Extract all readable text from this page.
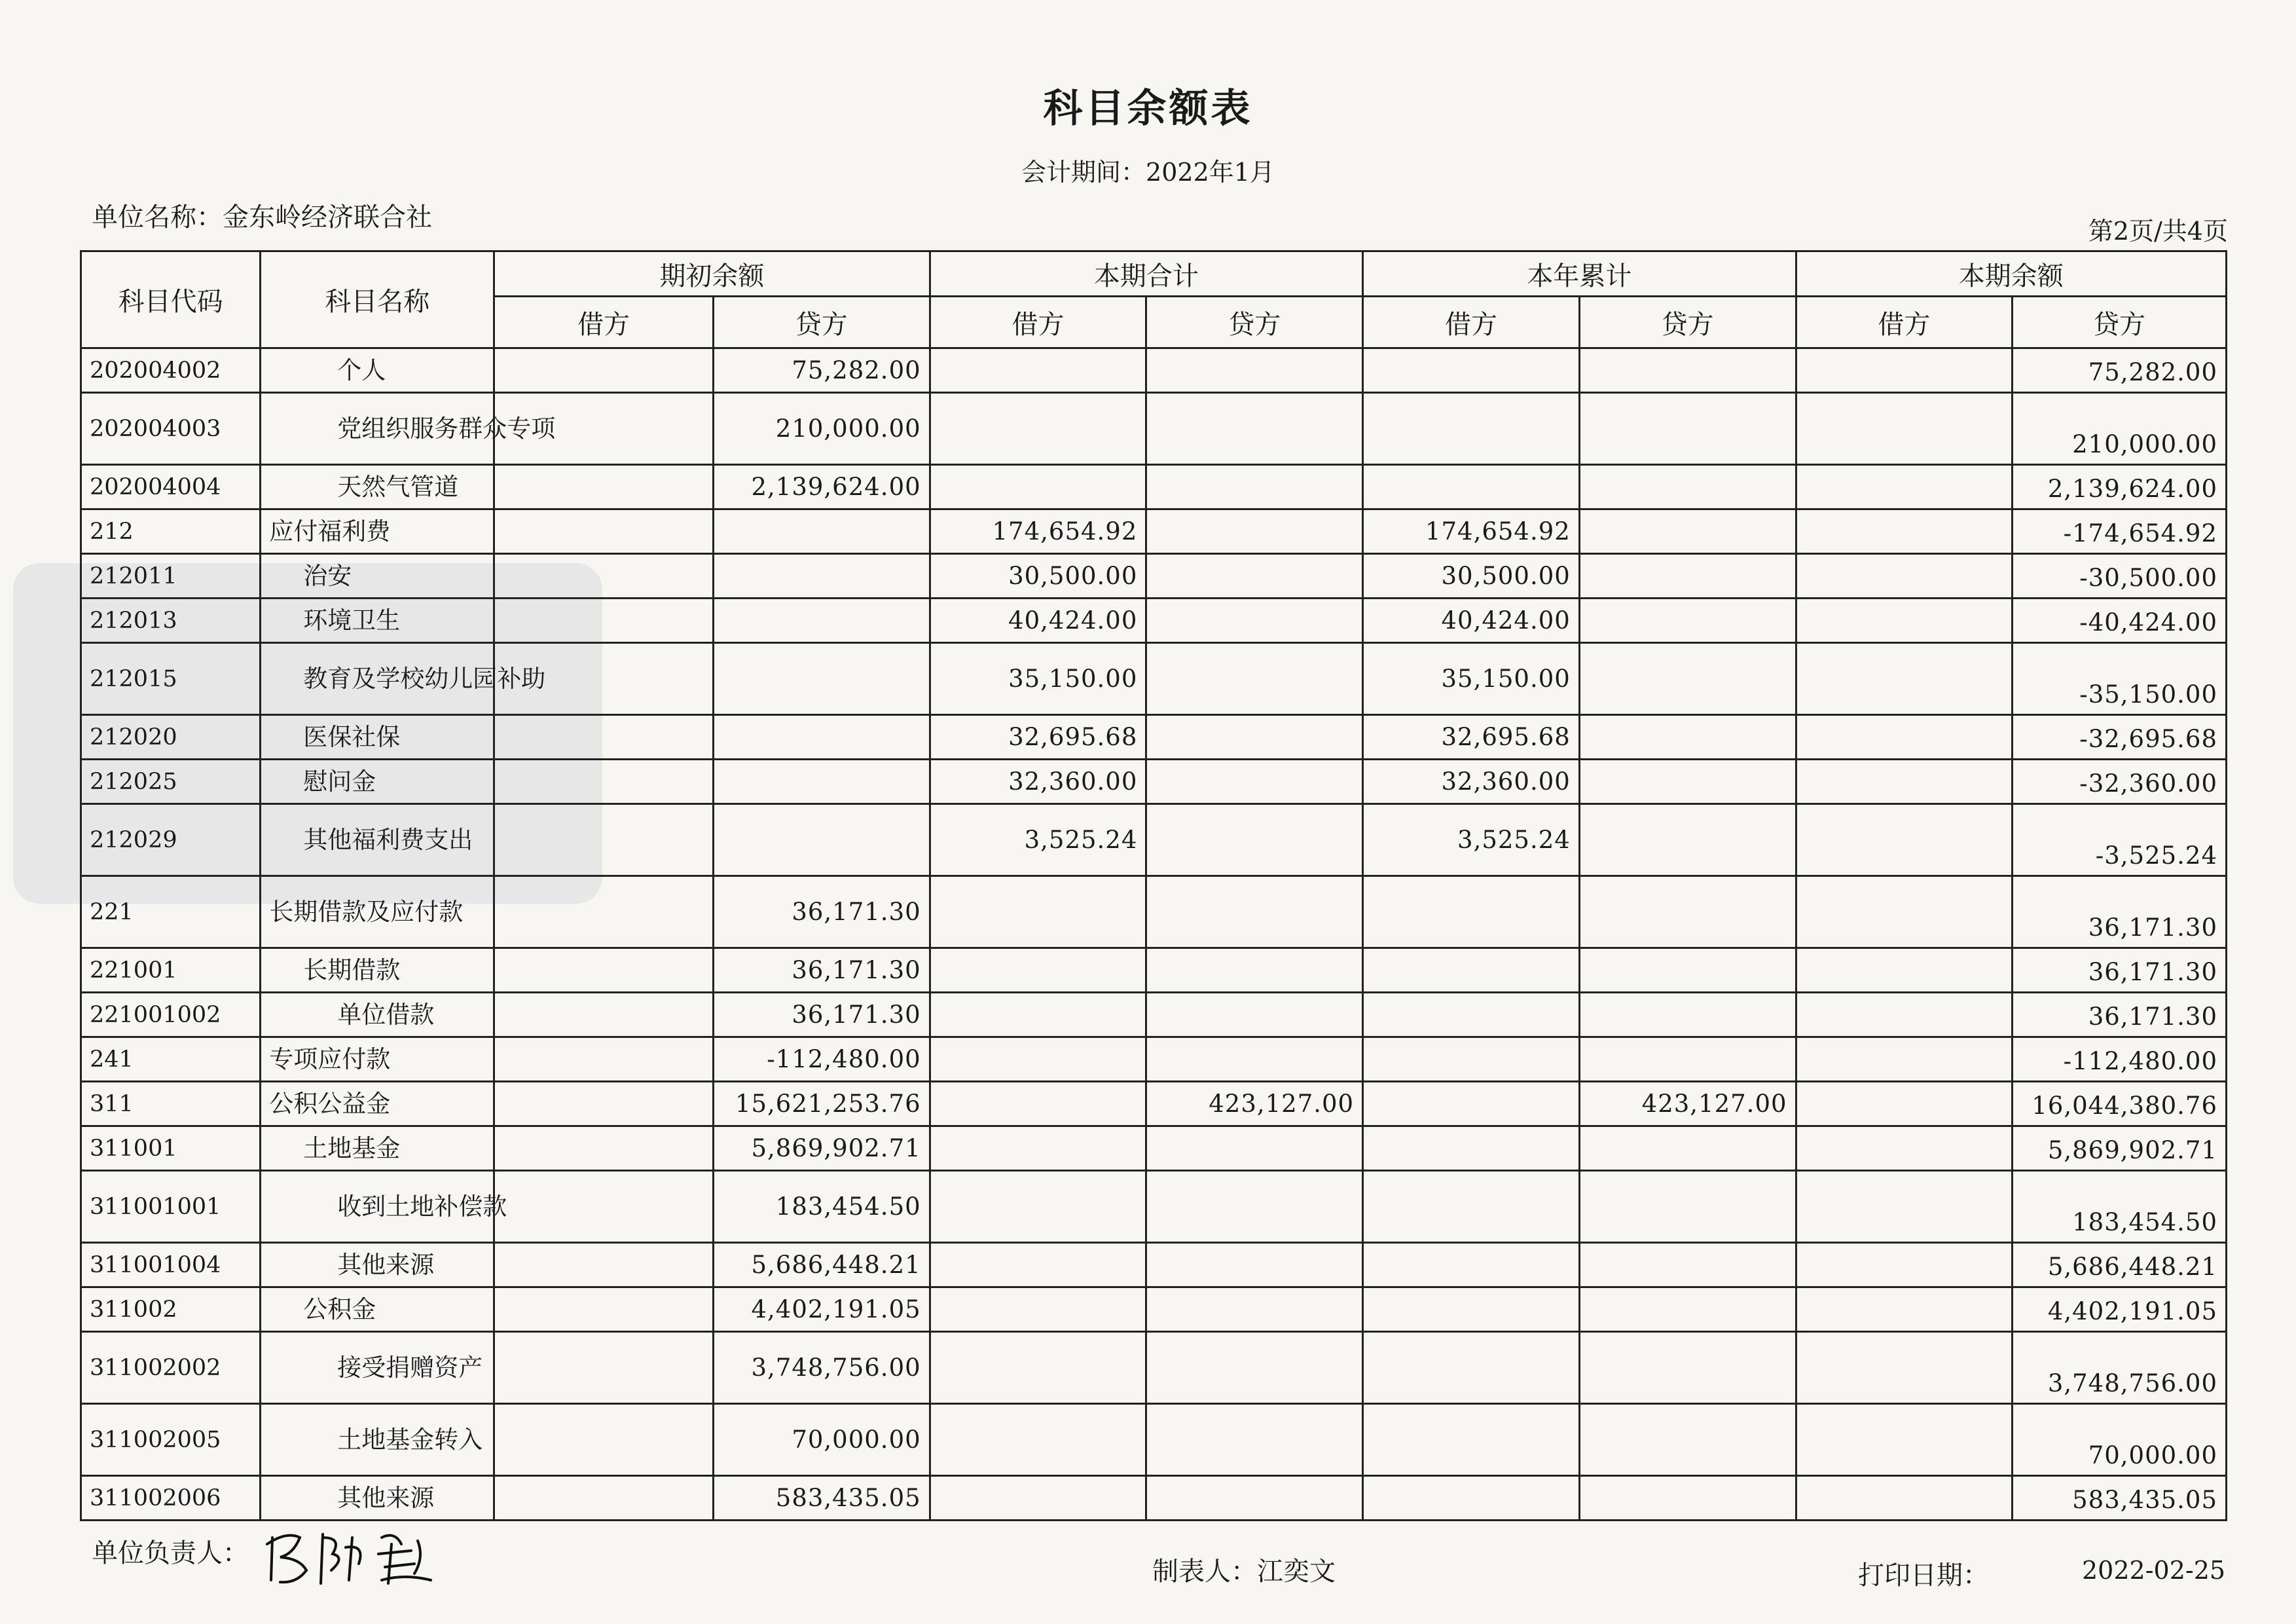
科目余额表
会计期间：2022年1月
单位名称：金东岭经济联合社	第2页/共4页
科目代码	科目名称	期初余额		本期合计		本年累计		本期余额	
		借方	贷方	借方	贷方	借方	贷方	借方	贷方
202004002	个人		75,282.00						75,282.00
202004003	党组织服务群众专项		210,000.00						210,000.00
202004004	天然气管道		2,139,624.00						2,139,624.00
212	应付福利费			174,654.92		174,654.92			-174,654.92
212011	治安			30,500.00		30,500.00			-30,500.00
212013	环境卫生			40,424.00		40,424.00			-40,424.00
212015	教育及学校幼儿园补助			35,150.00		35,150.00			-35,150.00
212020	医保社保			32,695.68		32,695.68			-32,695.68
212025	慰问金			32,360.00		32,360.00			-32,360.00
212029	其他福利费支出			3,525.24		3,525.24			-3,525.24
221	长期借款及应付款		36,171.30						36,171.30
221001	长期借款		36,171.30						36,171.30
221001002	单位借款		36,171.30						36,171.30
241	专项应付款		-112,480.00						-112,480.00
311	公积公益金		15,621,253.76		423,127.00		423,127.00		16,044,380.76
311001	土地基金		5,869,902.71						5,869,902.71
311001001	收到土地补偿款		183,454.50						183,454.50
311001004	其他来源		5,686,448.21						5,686,448.21
311002	公积金		4,402,191.05						4,402,191.05
311002002	接受捐赠资产		3,748,756.00						3,748,756.00
311002005	土地基金转入		70,000.00						70,000.00
311002006	其他来源		583,435.05						583,435.05
单位负责人：
制表人：江奕文	打印日期：	2022-02-25
